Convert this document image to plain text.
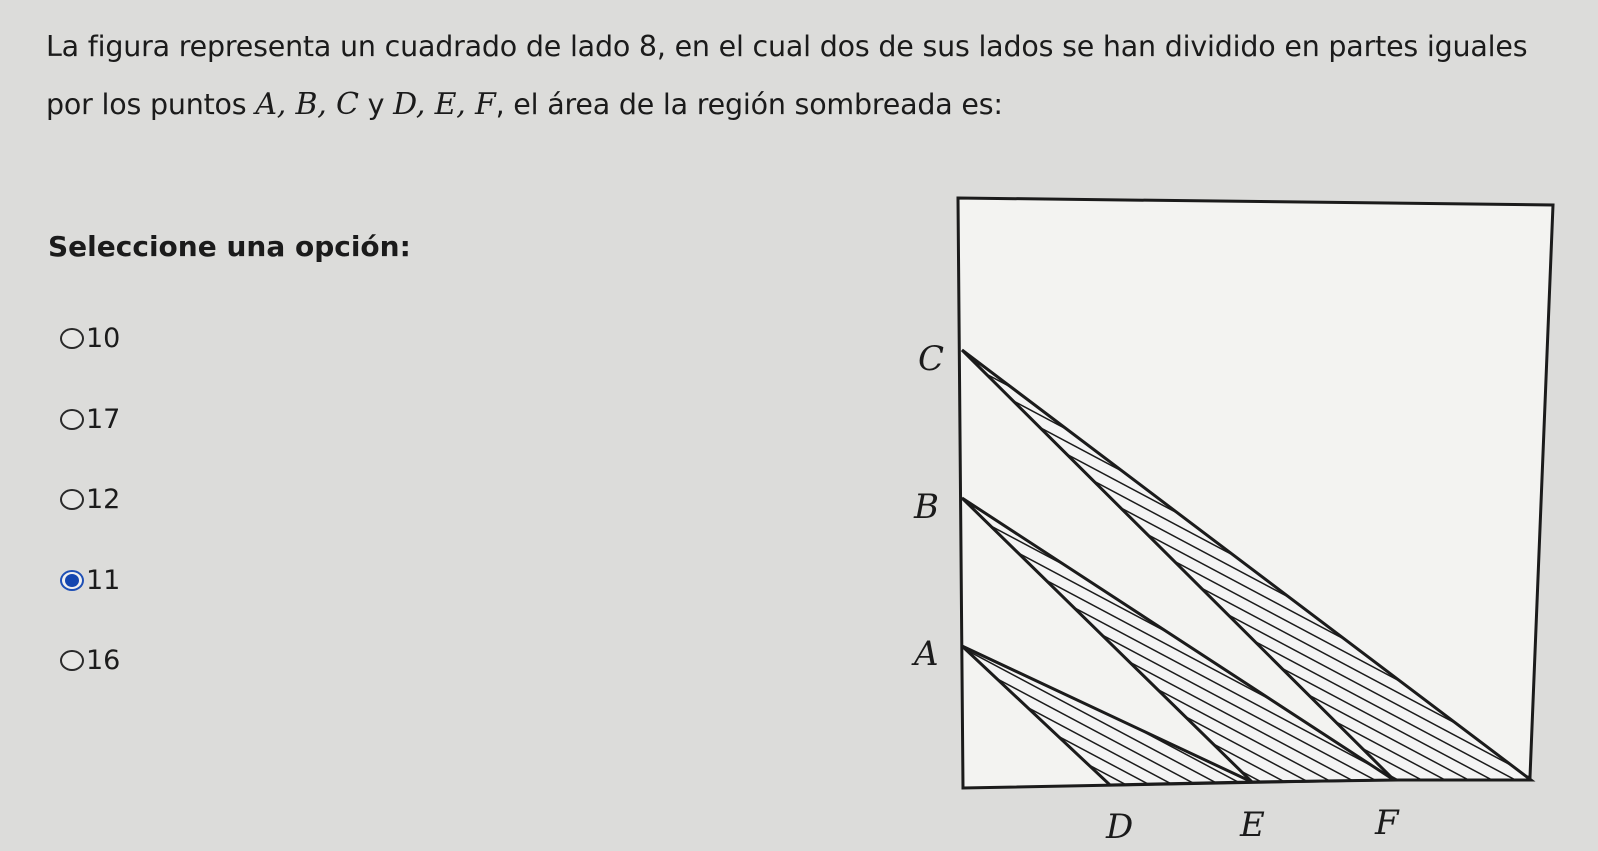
La figura representa un cuadrado de lado 8, en el cual dos de sus lados se han dividido en partes iguales por los puntos A, B, C y D, E, F, el área de la región sombreada es:
Seleccione una opción:
10
17
12
11
16
C
B
A
D	E	F
